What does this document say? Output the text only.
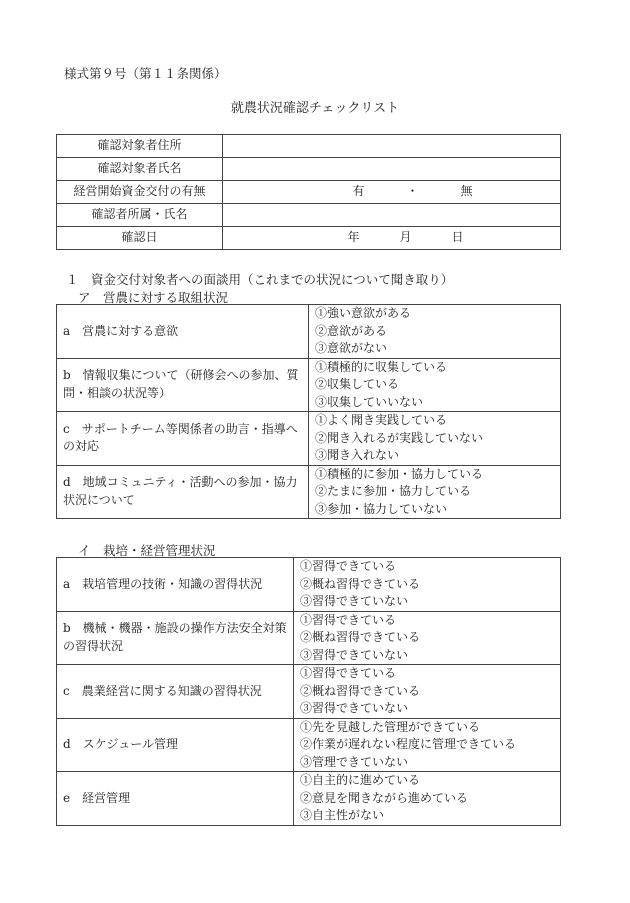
様式第９号（第１１条関係）
就農状況確認チェックリスト
確認対象者住所	
確認対象者氏名	
経営開始資金交付の有無	有 ・ 無
確認者所属・氏名	
確認日	年 月 日
１　資金交付対象者への面談用（これまでの状況について聞き取り）
ア　営農に対する取組状況
a　営農に対する意欲	①強い意欲がある
②意欲がある
③意欲がない

b　情報収集について（研修会への参加、質問・相談の状況等）	①積極的に収集している
②収集している
③収集していいない

c　サポートチーム等関係者の助言・指導への対応	①よく聞き実践している
②聞き入れるが実践していない
③聞き入れない

d　地域コミュニティ・活動への参加・協力状況について	①積極的に参加・協力している
②たまに参加・協力している
③参加・協力していない
イ　栽培・経営管理状況
a　栽培管理の技術・知識の習得状況	①習得できている
②概ね習得できている
③習得できていない

b　機械・機器・施設の操作方法安全対策の習得状況	①習得できている
②概ね習得できている
③習得できていない

c　農業経営に関する知識の習得状況	①習得できている
②概ね習得できている
③習得できていない

d　スケジュール管理	①先を見越した管理ができている
②作業が遅れない程度に管理できている
③管理できていない

e　経営管理	①自主的に進めている
②意見を聞きながら進めている
③自主性がない
